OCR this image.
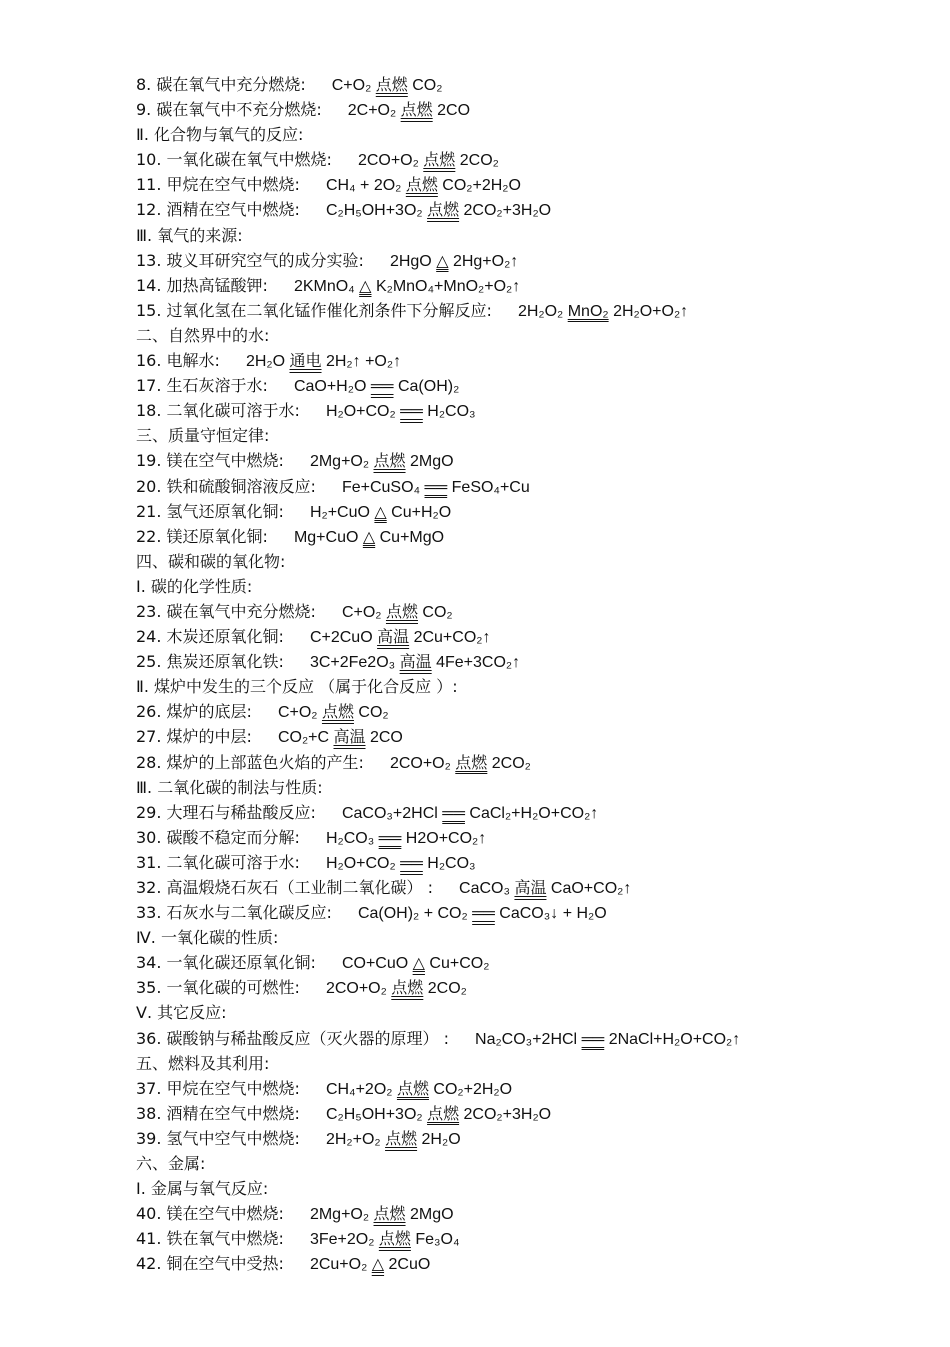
8. 碳在氧气中充分燃烧: C+O₂ 点燃 CO₂
9. 碳在氧气中不充分燃烧: 2C+O₂ 点燃 2CO
Ⅱ. 化合物与氧气的反应:
10. 一氧化碳在氧气中燃烧: 2CO+O₂ 点燃 2CO₂
11. 甲烷在空气中燃烧: CH₄ + 2O₂ 点燃 CO₂+2H₂O
12. 酒精在空气中燃烧: C₂H₅OH+3O₂ 点燃 2CO₂+3H₂O
Ⅲ. 氧气的来源:
13. 玻义耳研究空气的成分实验: 2HgO △ 2Hg+O₂↑
14. 加热高锰酸钾: 2KMnO₄ △ K₂MnO₄+MnO₂+O₂↑
15. 过氧化氢在二氧化锰作催化剂条件下分解反应: 2H₂O₂ MnO₂ 2H₂O+O₂↑
二、自然界中的水:
16. 电解水: 2H₂O 通电 2H₂↑ +O₂↑
17. 生石灰溶于水: CaO+H₂O ══ Ca(OH)₂
18. 二氧化碳可溶于水: H₂O+CO₂ ══ H₂CO₃
三、质量守恒定律:
19. 镁在空气中燃烧: 2Mg+O₂ 点燃 2MgO
20. 铁和硫酸铜溶液反应: Fe+CuSO₄ ══ FeSO₄+Cu
21. 氢气还原氧化铜: H₂+CuO △ Cu+H₂O
22. 镁还原氧化铜: Mg+CuO △ Cu+MgO
四、碳和碳的氧化物:
Ⅰ. 碳的化学性质:
23. 碳在氧气中充分燃烧: C+O₂ 点燃 CO₂
24. 木炭还原氧化铜: C+2CuO 高温 2Cu+CO₂↑
25. 焦炭还原氧化铁: 3C+2Fe2O₃ 高温 4Fe+3CO₂↑
Ⅱ. 煤炉中发生的三个反应 （属于化合反应 ）:
26. 煤炉的底层: C+O₂ 点燃 CO₂
27. 煤炉的中层: CO₂+C 高温 2CO
28. 煤炉的上部蓝色火焰的产生: 2CO+O₂ 点燃 2CO₂
Ⅲ. 二氧化碳的制法与性质:
29. 大理石与稀盐酸反应: CaCO₃+2HCl ══ CaCl₂+H₂O+CO₂↑
30. 碳酸不稳定而分解: H₂CO₃ ══ H2O+CO₂↑
31. 二氧化碳可溶于水: H₂O+CO₂ ══ H₂CO₃
32. 高温煅烧石灰石（工业制二氧化碳） : CaCO₃ 高温 CaO+CO₂↑
33. 石灰水与二氧化碳反应: Ca(OH)₂ + CO₂ ══ CaCO₃↓ + H₂O
Ⅳ. 一氧化碳的性质:
34. 一氧化碳还原氧化铜: CO+CuO △ Cu+CO₂
35. 一氧化碳的可燃性: 2CO+O₂ 点燃 2CO₂
Ⅴ. 其它反应:
36. 碳酸钠与稀盐酸反应（灭火器的原理） : Na₂CO₃+2HCl ══ 2NaCl+H₂O+CO₂↑
五、燃料及其利用:
37. 甲烷在空气中燃烧: CH₄+2O₂ 点燃 CO₂+2H₂O
38. 酒精在空气中燃烧: C₂H₅OH+3O₂ 点燃 2CO₂+3H₂O
39. 氢气中空气中燃烧: 2H₂+O₂ 点燃 2H₂O
六、金属:
Ⅰ. 金属与氧气反应:
40. 镁在空气中燃烧: 2Mg+O₂ 点燃 2MgO
41. 铁在氧气中燃烧: 3Fe+2O₂ 点燃 Fe₃O₄
42. 铜在空气中受热: 2Cu+O₂ △ 2CuO
